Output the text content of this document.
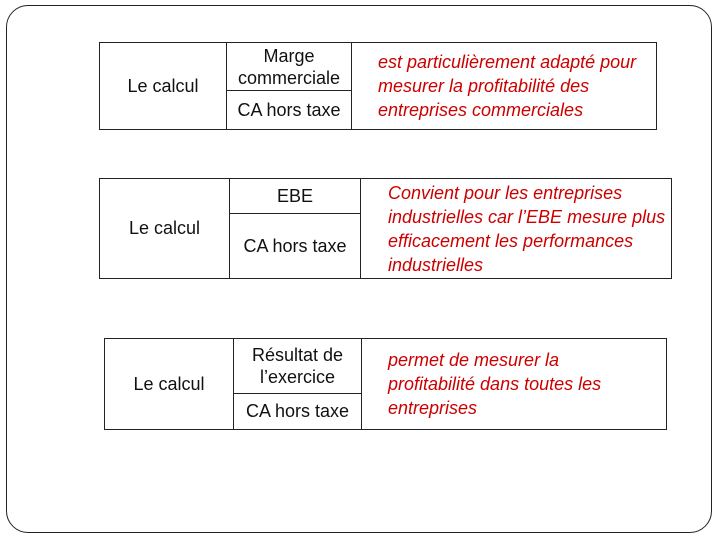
Le calcul
Marge commerciale
CA hors taxe
est particulièrement adapté pour mesurer la profitabilité des entreprises commerciales
Le calcul
EBE
CA hors taxe
Convient pour les entreprises industrielles car l’EBE mesure plus efficacement les performances industrielles
Le calcul
Résultat de l’exercice
CA hors taxe
permet de mesurer la profitabilité dans toutes les entreprises
